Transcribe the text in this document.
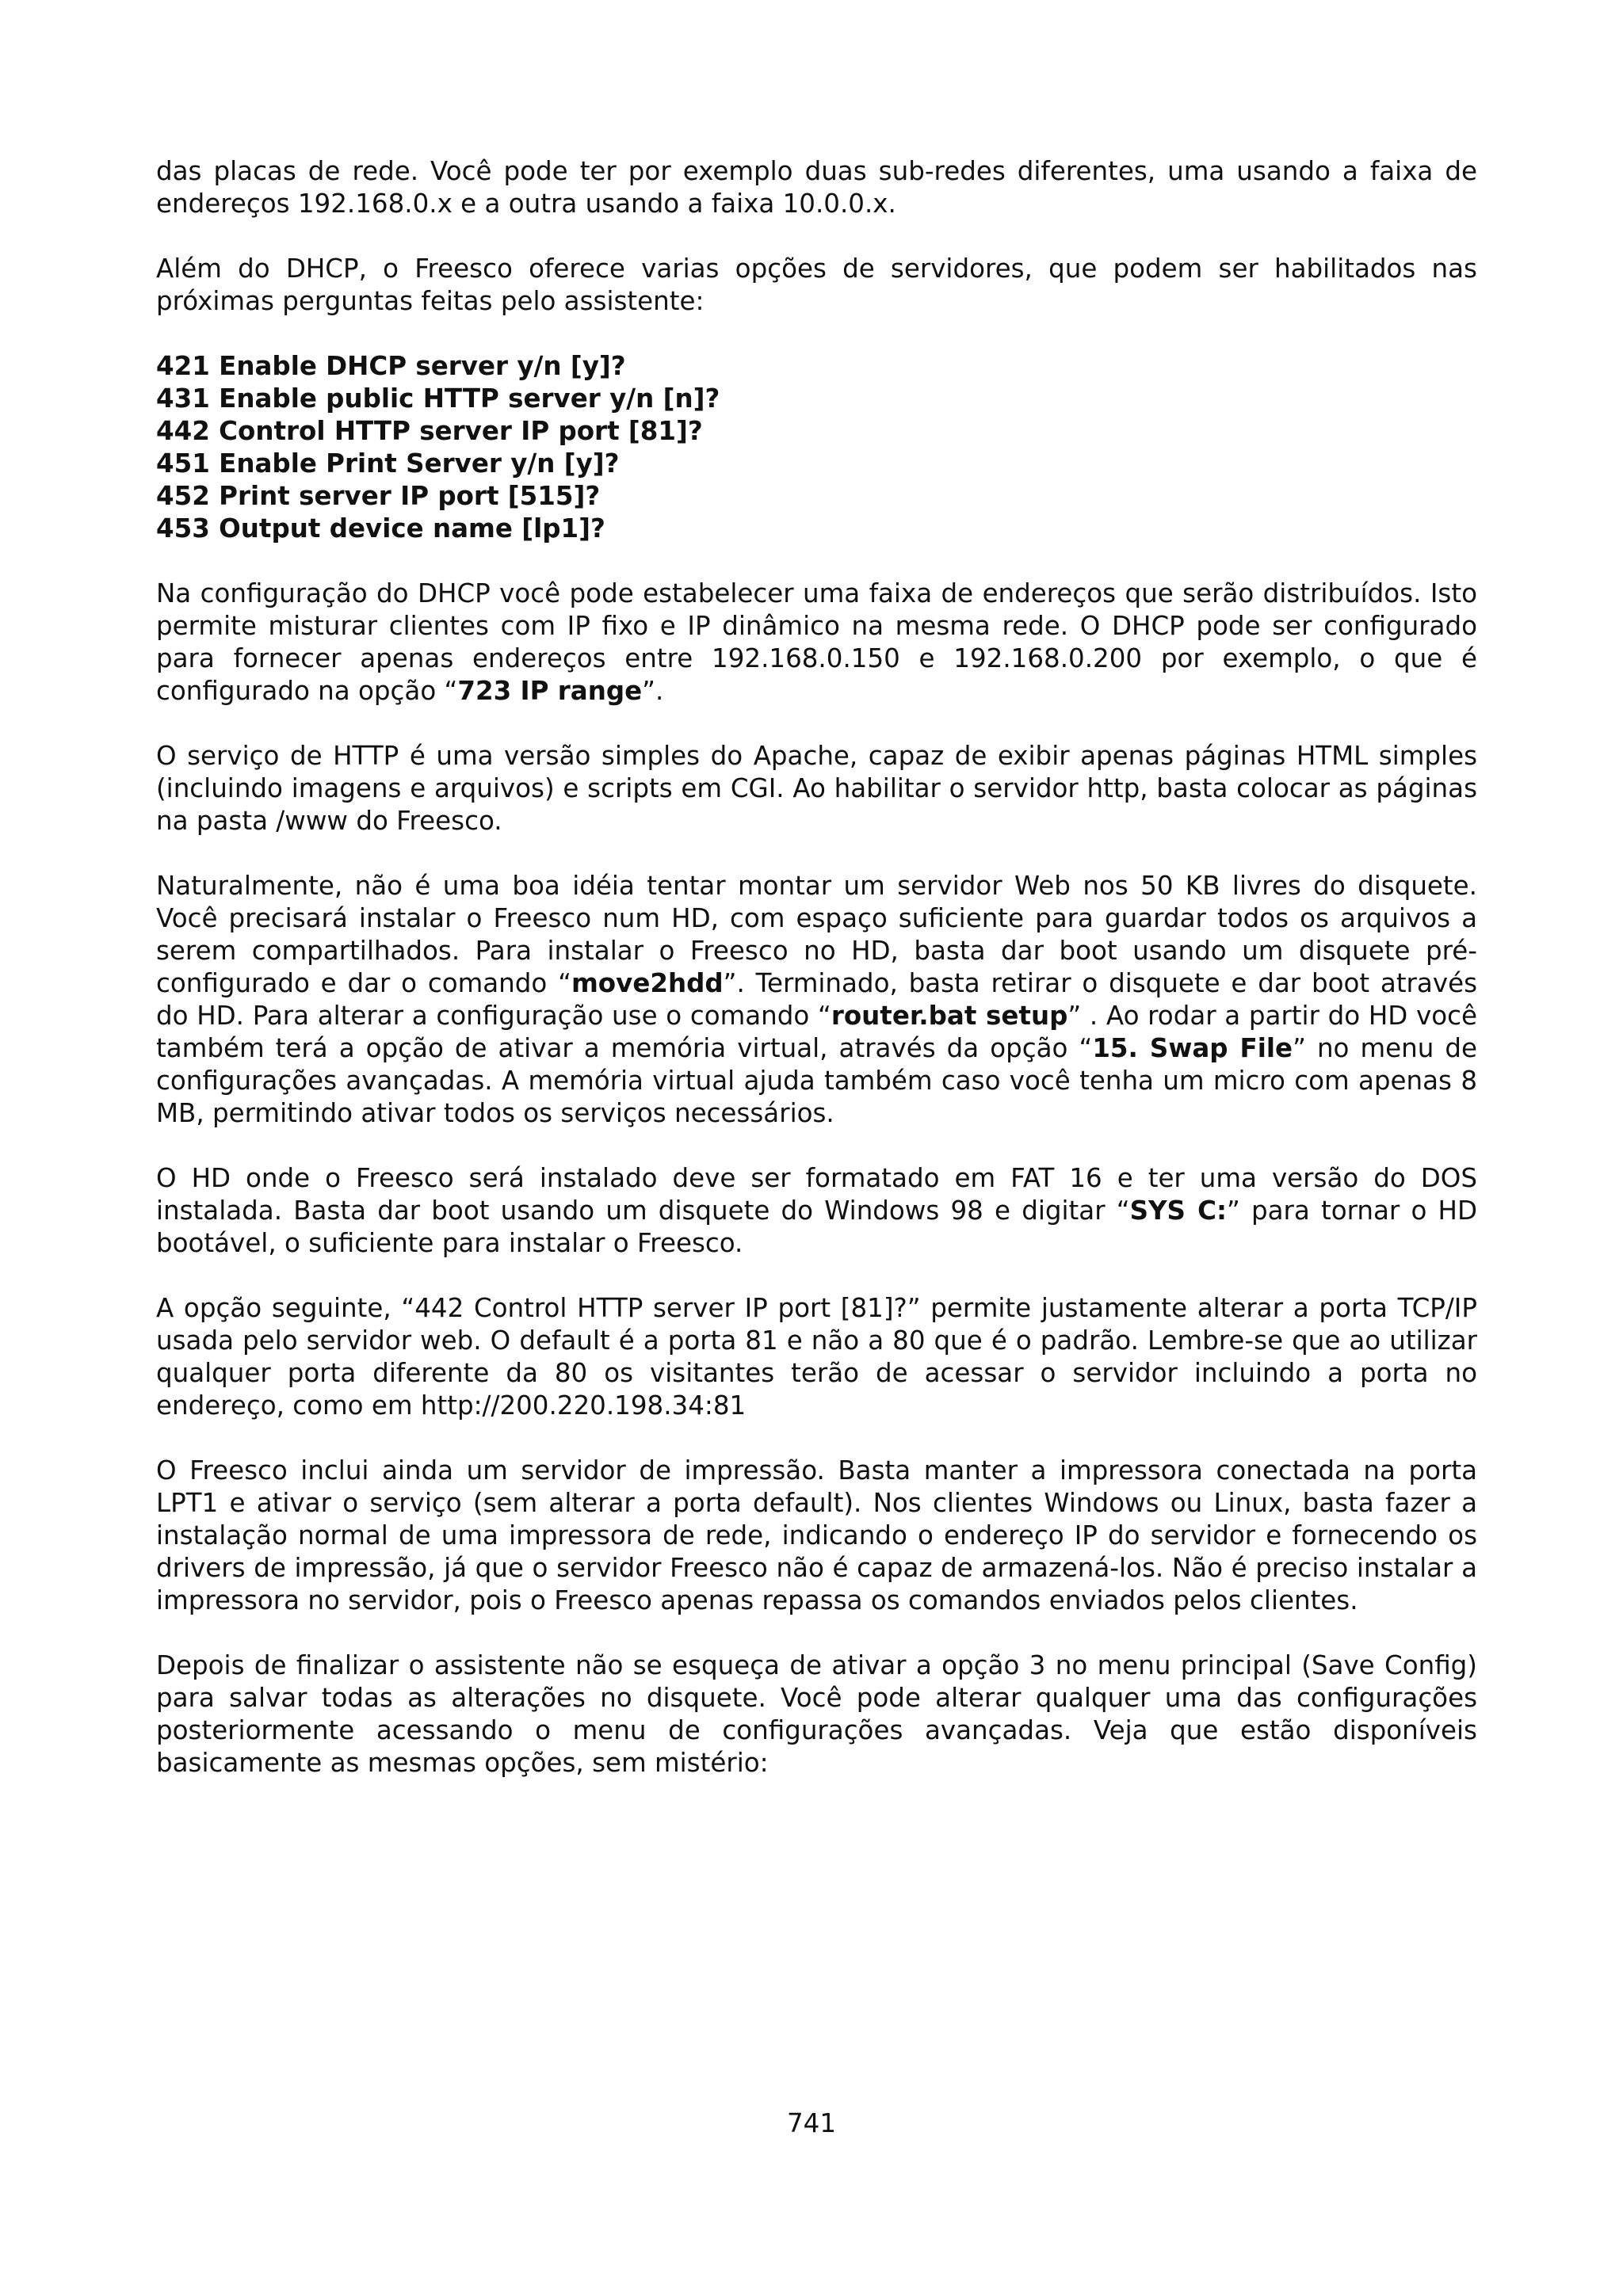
das placas de rede. Você pode ter por exemplo duas sub-redes diferentes, uma usando a faixa de endereços 192.168.0.x e a outra usando a faixa 10.0.0.x.

Além do DHCP, o Freesco oferece varias opções de servidores, que podem ser habilitados nas próximas perguntas feitas pelo assistente:

421 Enable DHCP server y/n [y]?
431 Enable public HTTP server y/n [n]?
442 Control HTTP server IP port [81]?
451 Enable Print Server y/n [y]?
452 Print server IP port [515]?
453 Output device name [lp1]?

Na configuração do DHCP você pode estabelecer uma faixa de endereços que serão distribuídos. Isto permite misturar clientes com IP fixo e IP dinâmico na mesma rede. O DHCP pode ser configurado para fornecer apenas endereços entre 192.168.0.150 e 192.168.0.200 por exemplo, o que é configurado na opção “723 IP range”.

O serviço de HTTP é uma versão simples do Apache, capaz de exibir apenas páginas HTML simples (incluindo imagens e arquivos) e scripts em CGI. Ao habilitar o servidor http, basta colocar as páginas na pasta /www do Freesco.

Naturalmente, não é uma boa idéia tentar montar um servidor Web nos 50 KB livres do disquete. Você precisará instalar o Freesco num HD, com espaço suficiente para guardar todos os arquivos a serem compartilhados. Para instalar o Freesco no HD, basta dar boot usando um disquete pré-configurado e dar o comando “move2hdd”. Terminado, basta retirar o disquete e dar boot através do HD. Para alterar a configuração use o comando “router.bat setup” . Ao rodar a partir do HD você também terá a opção de ativar a memória virtual, através da opção “15. Swap File” no menu de configurações avançadas. A memória virtual ajuda também caso você tenha um micro com apenas 8 MB, permitindo ativar todos os serviços necessários.

O HD onde o Freesco será instalado deve ser formatado em FAT 16 e ter uma versão do DOS instalada. Basta dar boot usando um disquete do Windows 98 e digitar “SYS C:” para tornar o HD bootável, o suficiente para instalar o Freesco.

A opção seguinte, “442 Control HTTP server IP port [81]?” permite justamente alterar a porta TCP/IP usada pelo servidor web. O default é a porta 81 e não a 80 que é o padrão. Lembre-se que ao utilizar qualquer porta diferente da 80 os visitantes terão de acessar o servidor incluindo a porta no endereço, como em http://200.220.198.34:81

O Freesco inclui ainda um servidor de impressão. Basta manter a impressora conectada na porta LPT1 e ativar o serviço (sem alterar a porta default). Nos clientes Windows ou Linux, basta fazer a instalação normal de uma impressora de rede, indicando o endereço IP do servidor e fornecendo os drivers de impressão, já que o servidor Freesco não é capaz de armazená-los. Não é preciso instalar a impressora no servidor, pois o Freesco apenas repassa os comandos enviados pelos clientes.

Depois de finalizar o assistente não se esqueça de ativar a opção 3 no menu principal (Save Config) para salvar todas as alterações no disquete. Você pode alterar qualquer uma das configurações posteriormente acessando o menu de configurações avançadas. Veja que estão disponíveis basicamente as mesmas opções, sem mistério:

741
